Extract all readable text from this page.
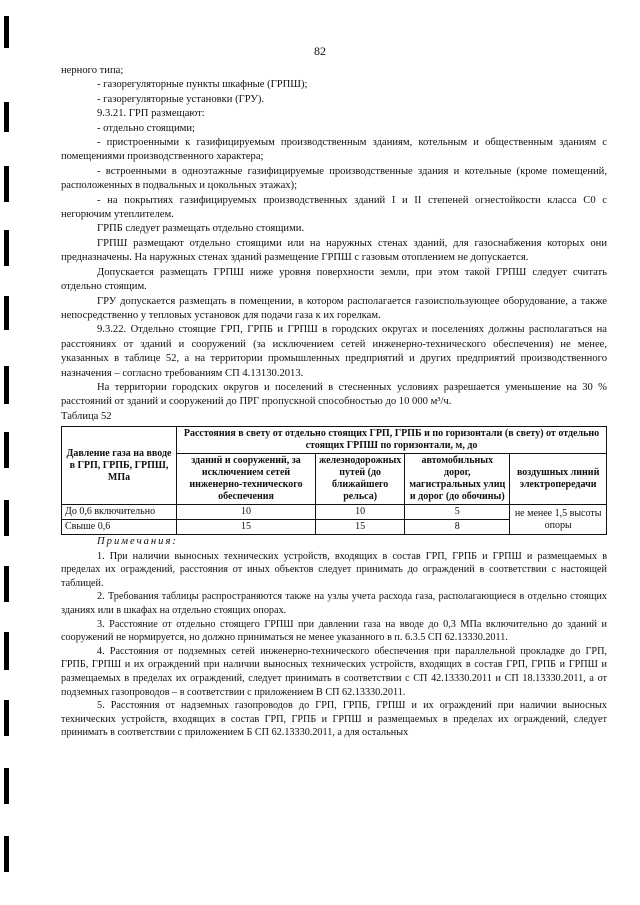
82

нерного типа;

- газорегуляторные пункты шкафные (ГРПШ);

- газорегуляторные установки (ГРУ).

9.3.21. ГРП размещают:

- отдельно стоящими;

- пристроенными к газифицируемым производственным зданиям, котельным и общественным зданиям с помещениями производственного характера;

- встроенными в одноэтажные газифицируемые производственные здания и котельные (кроме помещений, расположенных в подвальных и цокольных этажах);

- на покрытиях газифицируемых производственных зданий I и II степеней огнестойкости класса С0 с негорючим утеплителем.

ГРПБ следует размещать отдельно стоящими.

ГРПШ размещают отдельно стоящими или на наружных стенах зданий, для газоснабжения которых они предназначены. На наружных стенах зданий размещение ГРПШ с газовым отоплением не допускается.

Допускается размещать ГРПШ ниже уровня поверхности земли, при этом такой ГРПШ следует считать отдельно стоящим.

ГРУ допускается размещать в помещении, в котором располагается газоиспользующее оборудование, а также непосредственно у тепловых установок для подачи газа к их горелкам.

9.3.22. Отдельно стоящие ГРП, ГРПБ и ГРПШ в городских округах и поселениях должны располагаться на расстояниях от зданий и сооружений (за исключением сетей инженерно-технического обеспечения) не менее, указанных в таблице 52, а на территории промышленных предприятий и других предприятий производственного назначения – согласно требованиям СП 4.13130.2013.

На территории городских округов и поселений в стесненных условиях разрешается уменьшение на 30 % расстояний от зданий и сооружений до ПРГ пропускной способностью до 10 000 м³/ч.

Таблица 52

Давление газа на вводе в ГРП, ГРПБ, ГРПШ, МПа	Расстояния в свету от отдельно стоящих ГРП, ГРПБ и по горизонтали (в свету) от отдельно стоящих ГРПШ по горизонтали, м, до			
	зданий и сооружений, за исключением сетей инженерно-технического обеспечения	железнодорожных путей (до ближайшего рельса)	автомобильных дорог, магистральных улиц и дорог (до обочины)	воздушных линий электропередачи
До 0,6 включительно	10	10	5	не менее 1,5 высоты опоры
Свыше 0,6	15	15	8	

Примечания:

1. При наличии выносных технических устройств, входящих в состав ГРП, ГРПБ и ГРПШ и размещаемых в пределах их ограждений, расстояния от иных объектов следует принимать до ограждений в соответствии с настоящей таблицей.

2. Требования таблицы распространяются также на узлы учета расхода газа, располагающиеся в отдельно стоящих зданиях или в шкафах на отдельно стоящих опорах.

3. Расстояние от отдельно стоящего ГРПШ при давлении газа на вводе до 0,3 МПа включительно до зданий и сооружений не нормируется, но должно приниматься не менее указанного в п. 6.3.5 СП 62.13330.2011.

4. Расстояния от подземных сетей инженерно-технического обеспечения при параллельной прокладке до ГРП, ГРПБ, ГРПШ и их ограждений при наличии выносных технических устройств, входящих в состав ГРП, ГРПБ и ГРПШ и размещаемых в пределах их ограждений, следует принимать в соответствии с СП 42.13330.2011 и СП 18.13330.2011, а от подземных газопроводов – в соответствии с приложением В СП 62.13330.2011.

5. Расстояния от надземных газопроводов до ГРП, ГРПБ, ГРПШ и их ограждений при наличии выносных технических устройств, входящих в состав ГРП, ГРПБ и ГРПШ и размещаемых в пределах их ограждений, следует принимать в соответствии с приложением Б СП 62.13330.2011, а для остальных
